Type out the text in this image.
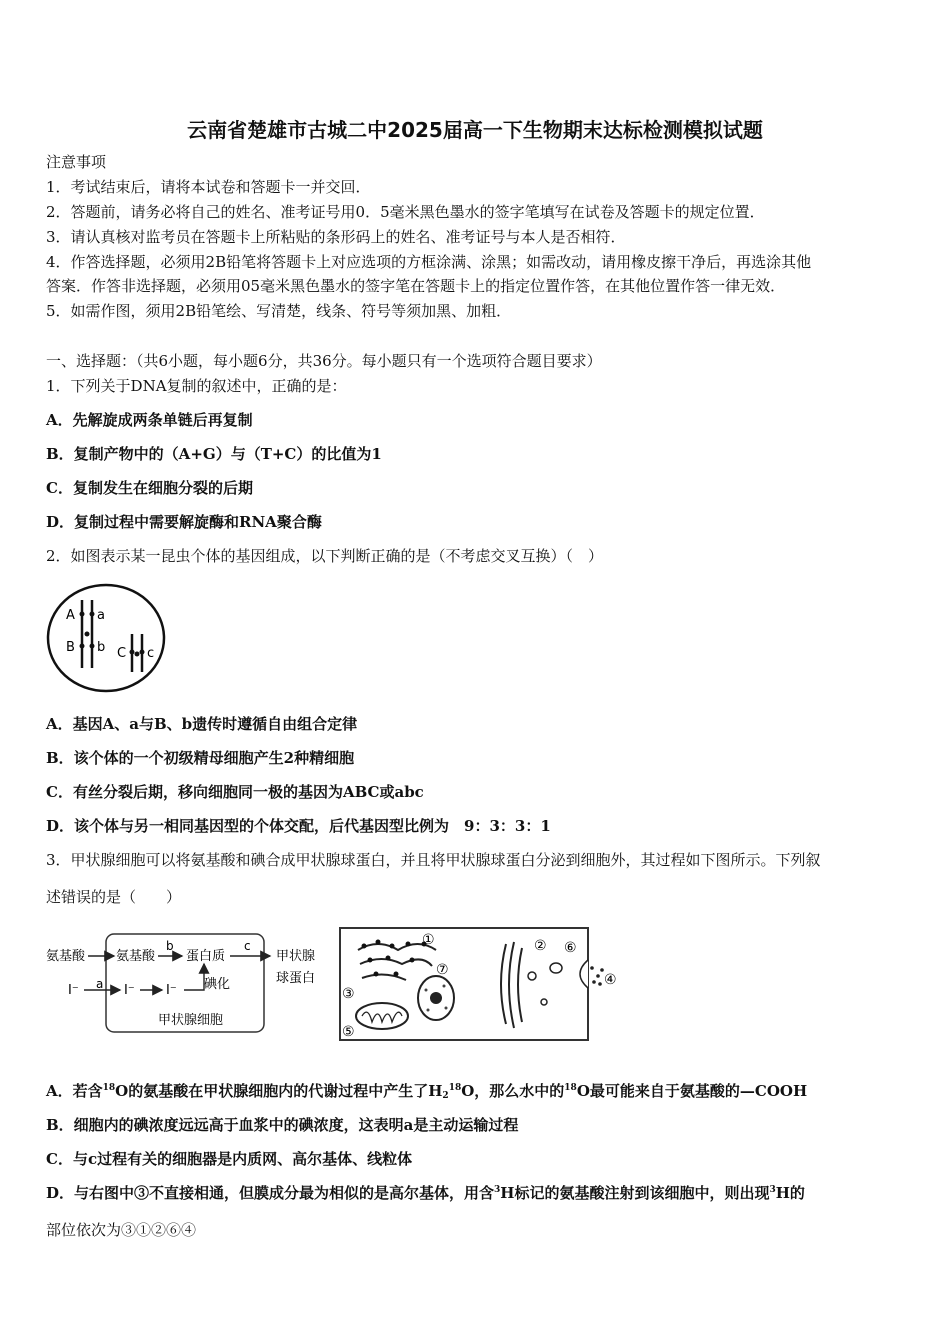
云南省楚雄市古城二中2025届高一下生物期末达标检测模拟试题
注意事项
1．考试结束后，请将本试卷和答题卡一并交回．
2．答题前，请务必将自己的姓名、准考证号用0．5毫米黑色墨水的签字笔填写在试卷及答题卡的规定位置．
3．请认真核对监考员在答题卡上所粘贴的条形码上的姓名、准考证号与本人是否相符．
4．作答选择题，必须用2B铅笔将答题卡上对应选项的方框涂满、涂黑；如需改动，请用橡皮擦干净后，再选涂其他
答案．作答非选择题，必须用05毫米黑色墨水的签字笔在答题卡上的指定位置作答，在其他位置作答一律无效．
5．如需作图，须用2B铅笔绘、写清楚，线条、符号等须加黑、加粗．
一、选择题：（共6小题，每小题6分，共36分。每小题只有一个选项符合题目要求）
1．下列关于DNA复制的叙述中，正确的是：
A．先解旋成两条单链后再复制
B．复制产物中的（A+G）与（T+C）的比值为1
C．复制发生在细胞分裂的后期
D．复制过程中需要解旋酶和RNA聚合酶
2．如图表示某一昆虫个体的基因组成，以下判断正确的是（不考虑交叉互换）（　）
A a
B b C c
A．基因A、a与B、b遗传时遵循自由组合定律
B．该个体的一个初级精母细胞产生2种精细胞
C．有丝分裂后期，移向细胞同一极的基因为ABC或abc
D．该个体与另一相同基因型的个体交配，后代基因型比例为　9：3：3：1
3．甲状腺细胞可以将氨基酸和碘合成甲状腺球蛋白，并且将甲状腺球蛋白分泌到细胞外，其过程如下图所示。下列叙
述错误的是（　　）
氨基酸 氨基酸
b
蛋白质
碘化
c
甲状腺
球蛋白
I⁻ a I⁻ I⁻
甲状腺细胞
①	②
③
④
⑤
⑥
⑦
A．若含$^{18}$O的氨基酸在甲状腺细胞内的代谢过程中产生了$H_2^{18}O$，那么水中的$^{18}$O最可能来自于氨基酸的—COOH
B．细胞内的碘浓度远远高于血浆中的碘浓度，这表明a是主动运输过程
C．与c过程有关的细胞器是内质网、高尔基体、线粒体
D．与右图中③不直接相通，但膜成分最为相似的是高尔基体，用含$^3$H标记的氨基酸注射到该细胞中，则出现$^3$H的
部位依次为③①②⑥④
